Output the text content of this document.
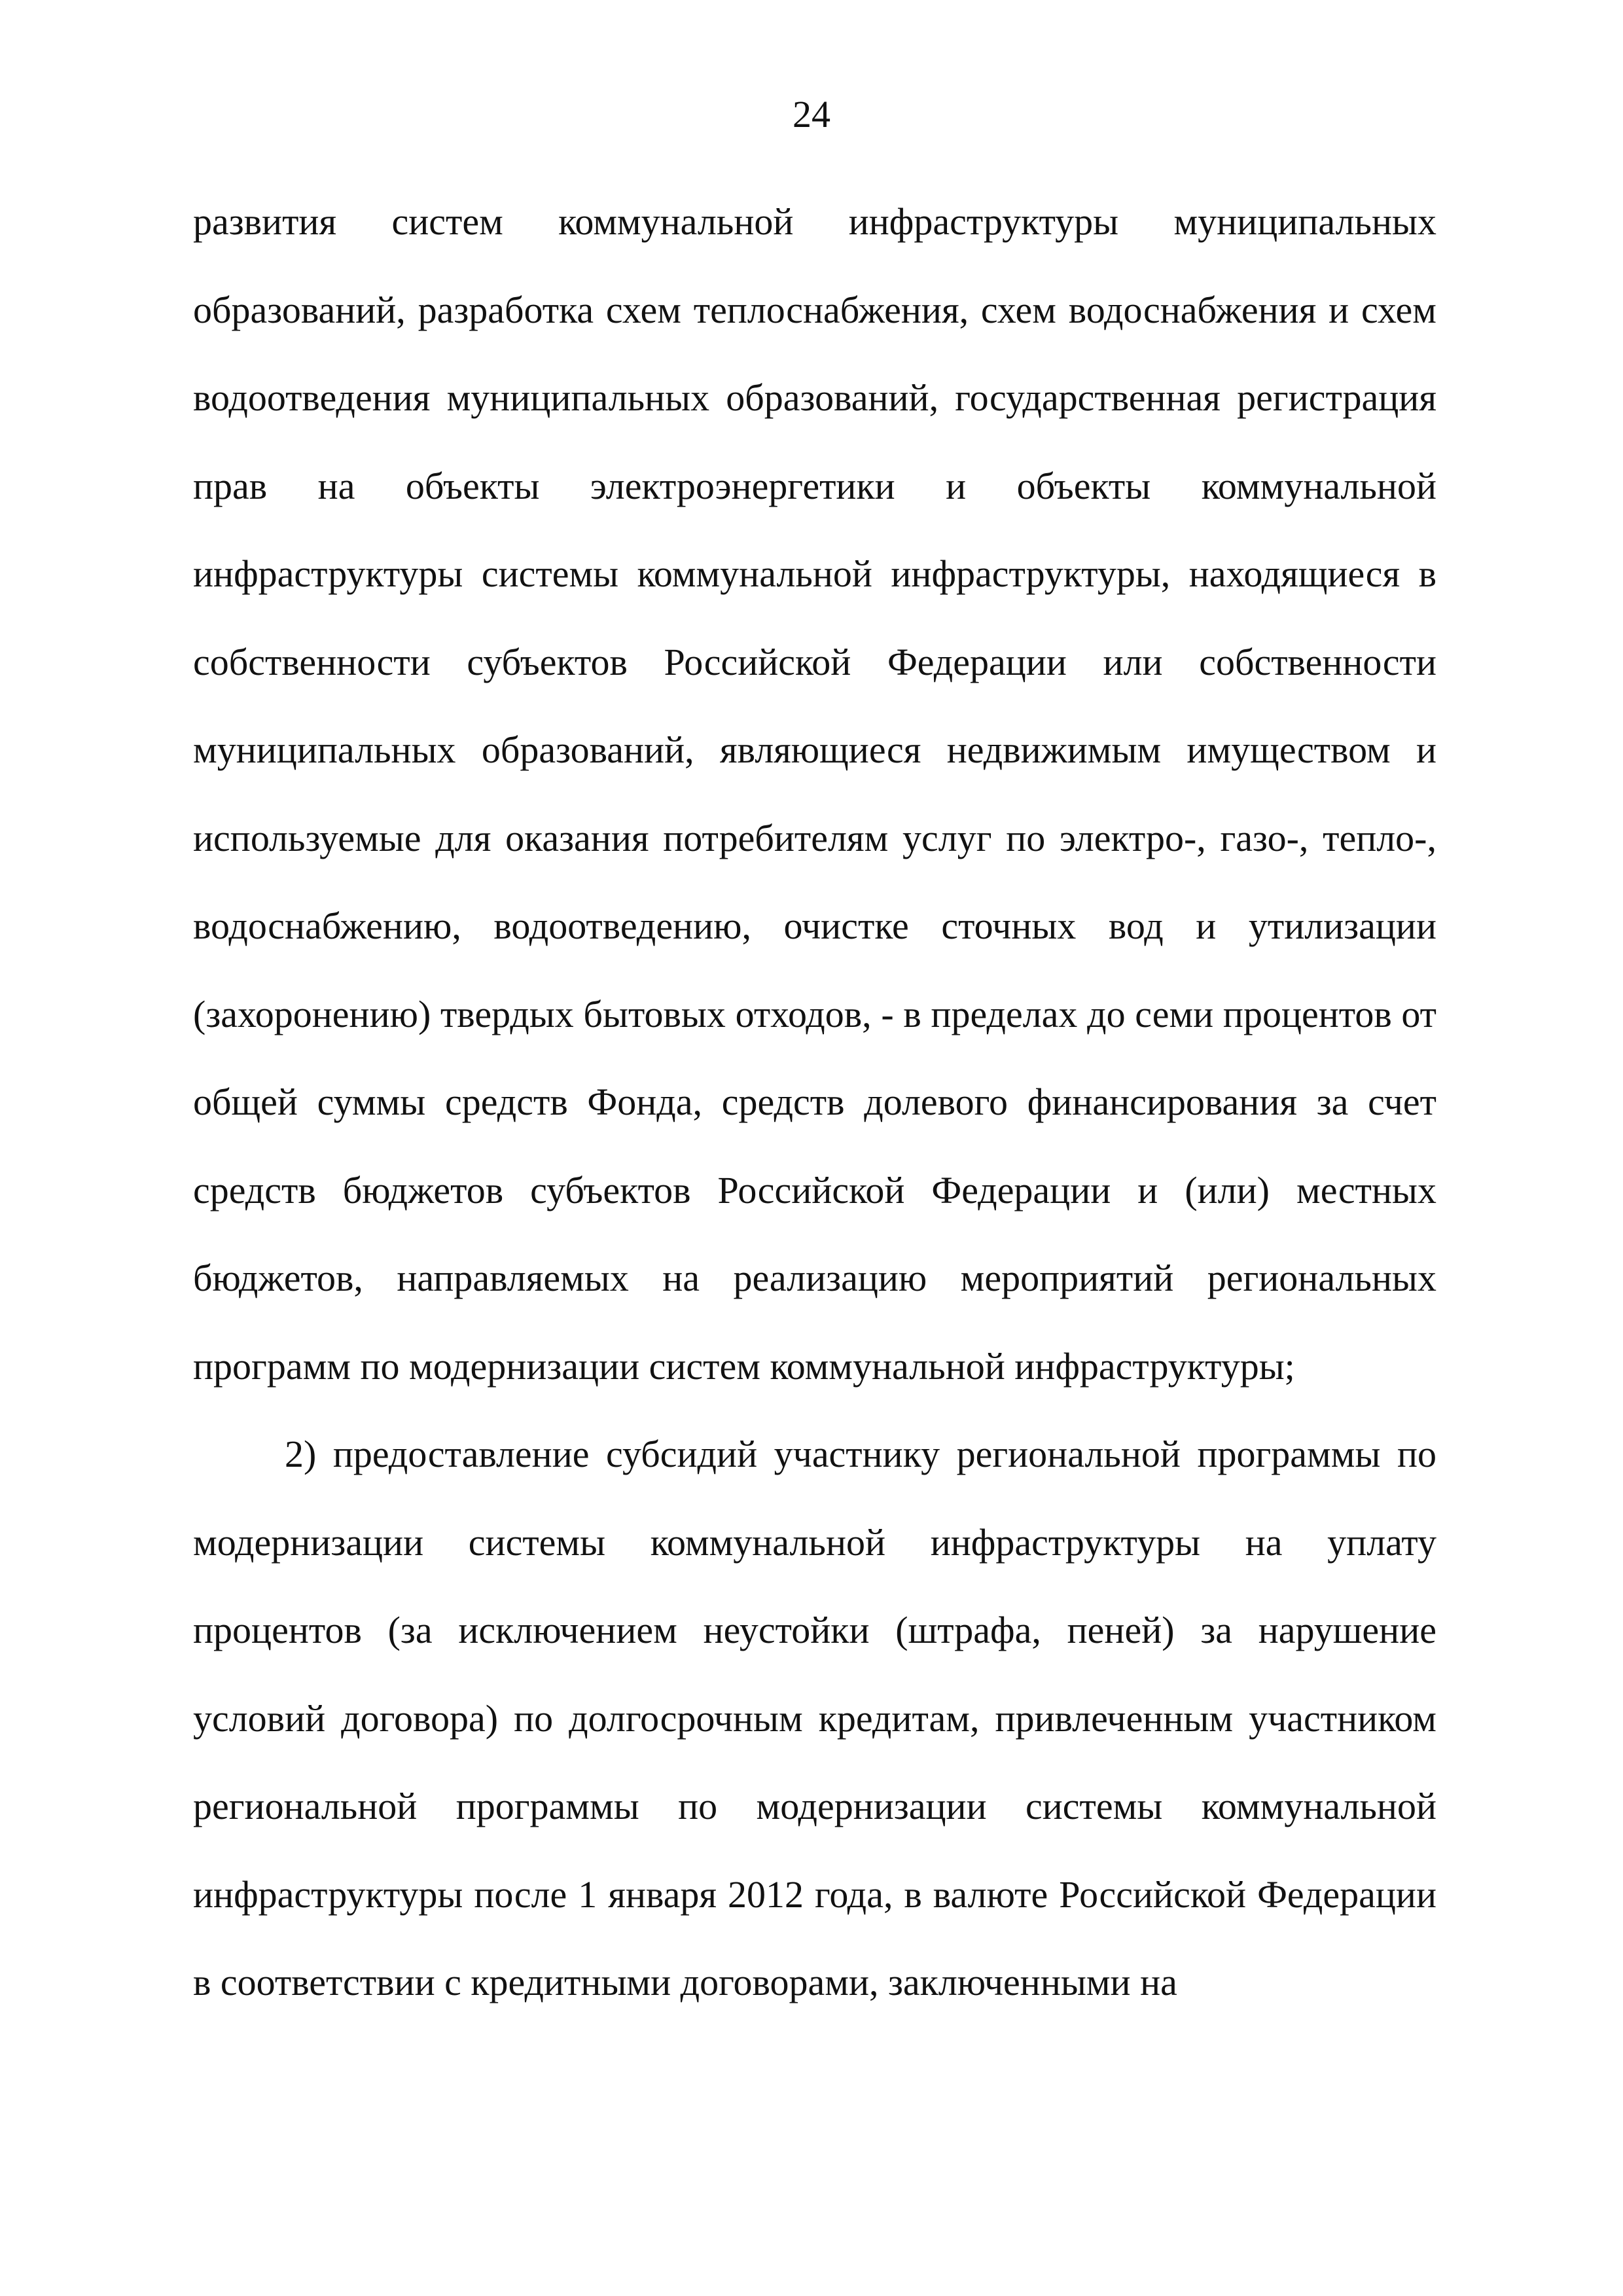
24

развития систем коммунальной инфраструктуры муниципальных образований, разработка схем теплоснабжения, схем водоснабжения и схем водоотведения муниципальных образований, государственная регистрация прав на объекты электроэнергетики и объекты коммунальной инфраструктуры системы коммунальной инфраструктуры, находящиеся в собственности субъектов Российской Федерации или собственности муниципальных образований, являющиеся недвижимым имуществом и используемые для оказания потребителям услуг по электро-, газо-, тепло-, водоснабжению, водоотведению, очистке сточных вод и утилизации (захоронению) твердых бытовых отходов, - в пределах до семи процентов от общей суммы средств Фонда, средств долевого финансирования за счет средств бюджетов субъектов Российской Федерации и (или) местных бюджетов, направляемых на реализацию мероприятий региональных программ по модернизации систем коммунальной инфраструктуры;

2) предоставление субсидий участнику региональной программы по модернизации системы коммунальной инфраструктуры на уплату процентов (за исключением неустойки (штрафа, пеней) за нарушение условий договора) по долгосрочным кредитам, привлеченным участником региональной программы по модернизации системы коммунальной инфраструктуры после 1 января 2012 года, в валюте Российской Федерации в соответствии с кредитными договорами, заключенными на
